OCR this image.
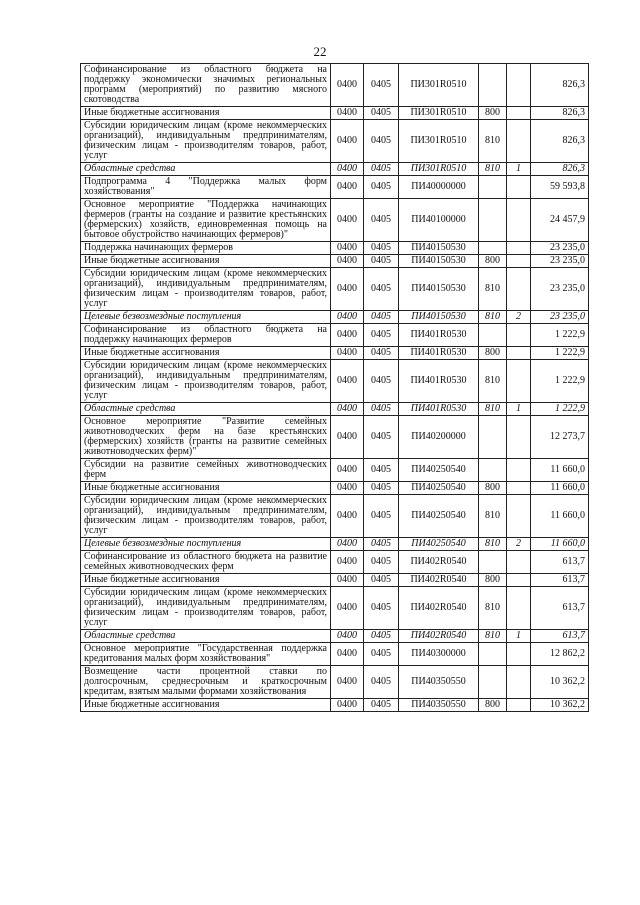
22
Софинансирование из областного бюджета на поддержку экономически значимых региональных программ (мероприятий) по развитию мясного скотоводства	0400	0405	ПИ301R0510			826,3
Иные бюджетные ассигнования	0400	0405	ПИ301R0510	800		826,3
Субсидии юридическим лицам (кроме некоммерческих организаций), индивидуальным предпринимателям, физическим лицам - производителям товаров, работ, услуг	0400	0405	ПИ301R0510	810		826,3
Областные средства	0400	0405	ПИ301R0510	810	1	826,3
Подпрограмма 4 "Поддержка малых форм хозяйствования"	0400	0405	ПИ40000000			59 593,8
Основное мероприятие "Поддержка начинающих фермеров (гранты на создание и развитие крестьянских (фермерских) хозяйств, единовременная помощь на бытовое обустройство начинающих фермеров)"	0400	0405	ПИ40100000			24 457,9
Поддержка начинающих фермеров	0400	0405	ПИ40150530			23 235,0
Иные бюджетные ассигнования	0400	0405	ПИ40150530	800		23 235,0
Субсидии юридическим лицам (кроме некоммерческих организаций), индивидуальным предпринимателям, физическим лицам - производителям товаров, работ, услуг	0400	0405	ПИ40150530	810		23 235,0
Целевые безвозмездные поступления	0400	0405	ПИ40150530	810	2	23 235,0
Софинансирование из областного бюджета на поддержку начинающих фермеров	0400	0405	ПИ401R0530			1 222,9
Иные бюджетные ассигнования	0400	0405	ПИ401R0530	800		1 222,9
Субсидии юридическим лицам (кроме некоммерческих организаций), индивидуальным предпринимателям, физическим лицам - производителям товаров, работ, услуг	0400	0405	ПИ401R0530	810		1 222,9
Областные средства	0400	0405	ПИ401R0530	810	1	1 222,9
Основное мероприятие "Развитие семейных животноводческих ферм на базе крестьянских (фермерских) хозяйств (гранты на развитие семейных животноводческих ферм)"	0400	0405	ПИ40200000			12 273,7
Субсидии на развитие семейных животноводческих ферм	0400	0405	ПИ40250540			11 660,0
Иные бюджетные ассигнования	0400	0405	ПИ40250540	800		11 660,0
Субсидии юридическим лицам (кроме некоммерческих организаций), индивидуальным предпринимателям, физическим лицам - производителям товаров, работ, услуг	0400	0405	ПИ40250540	810		11 660,0
Целевые безвозмездные поступления	0400	0405	ПИ40250540	810	2	11 660,0
Софинансирование из областного бюджета на развитие семейных животноводческих ферм	0400	0405	ПИ402R0540			613,7
Иные бюджетные ассигнования	0400	0405	ПИ402R0540	800		613,7
Субсидии юридическим лицам (кроме некоммерческих организаций), индивидуальным предпринимателям, физическим лицам - производителям товаров, работ, услуг	0400	0405	ПИ402R0540	810		613,7
Областные средства	0400	0405	ПИ402R0540	810	1	613,7
Основное мероприятие "Государственная поддержка кредитования малых форм хозяйствования"	0400	0405	ПИ40300000			12 862,2
Возмещение части процентной ставки по долгосрочным, среднесрочным и краткосрочным кредитам, взятым малыми формами хозяйствования	0400	0405	ПИ40350550			10 362,2
Иные бюджетные ассигнования	0400	0405	ПИ40350550	800		10 362,2
